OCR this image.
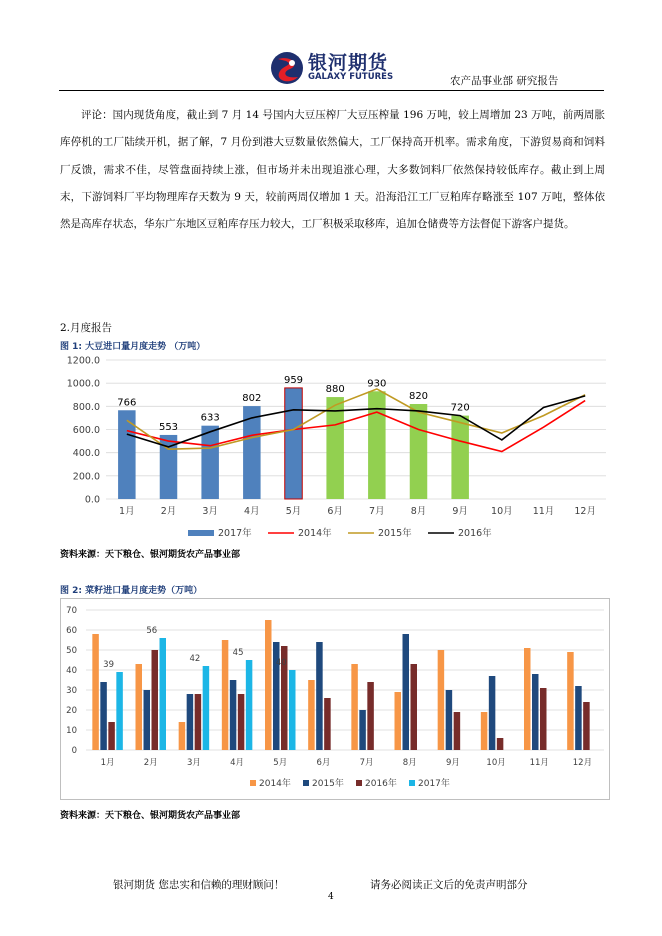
银河期货
GALAXY FUTURES	农产品事业部 研究报告

评论：国内现货角度，截止到 7 月 14 号国内大豆压榨厂大豆压榨量 196 万吨，较上周增加 23 万吨，前两周胀库停机的工厂陆续开机，据了解，7 月份到港大豆数量依然偏大，工厂保持高开机率。需求角度，下游贸易商和饲料厂反馈，需求不佳，尽管盘面持续上涨，但市场并未出现追涨心理，大多数饲料厂依然保持较低库存。截止到上周末，下游饲料厂平均物理库存天数为 9 天，较前两周仅增加 1 天。沿海沿江工厂豆粕库存略涨至 107 万吨，整体依然是高库存状态，华东广东地区豆粕库存压力较大，工厂积极采取移库，追加仓储费等方法督促下游客户提货。

2.月度报告
图 1: 大豆进口量月度走势 （万吨）
0.0
200.0
400.0
600.0
800.0
1000.0
1200.0
766
553
633
802
959
880
930
820
720
1月	2月	3月	4月	5月	6月	7月	8月	9月 10月 11月 12月
2017年	2014年	2015年	2016年
资料来源：天下粮仓、银河期货农产品事业部
图 2: 菜籽进口量月度走势（万吨）
0
10
20
30
40
50
60
70
39
1月
56
2月
42
3月
45
4月
40
5月	6月	7月	8月	9月	10月	11月	12月
2014年 2015年 2016年 2017年
资料来源：天下粮仓、银河期货农产品事业部
银河期货 您忠实和信赖的理财顾问！	请务必阅读正文后的免责声明部分
4
